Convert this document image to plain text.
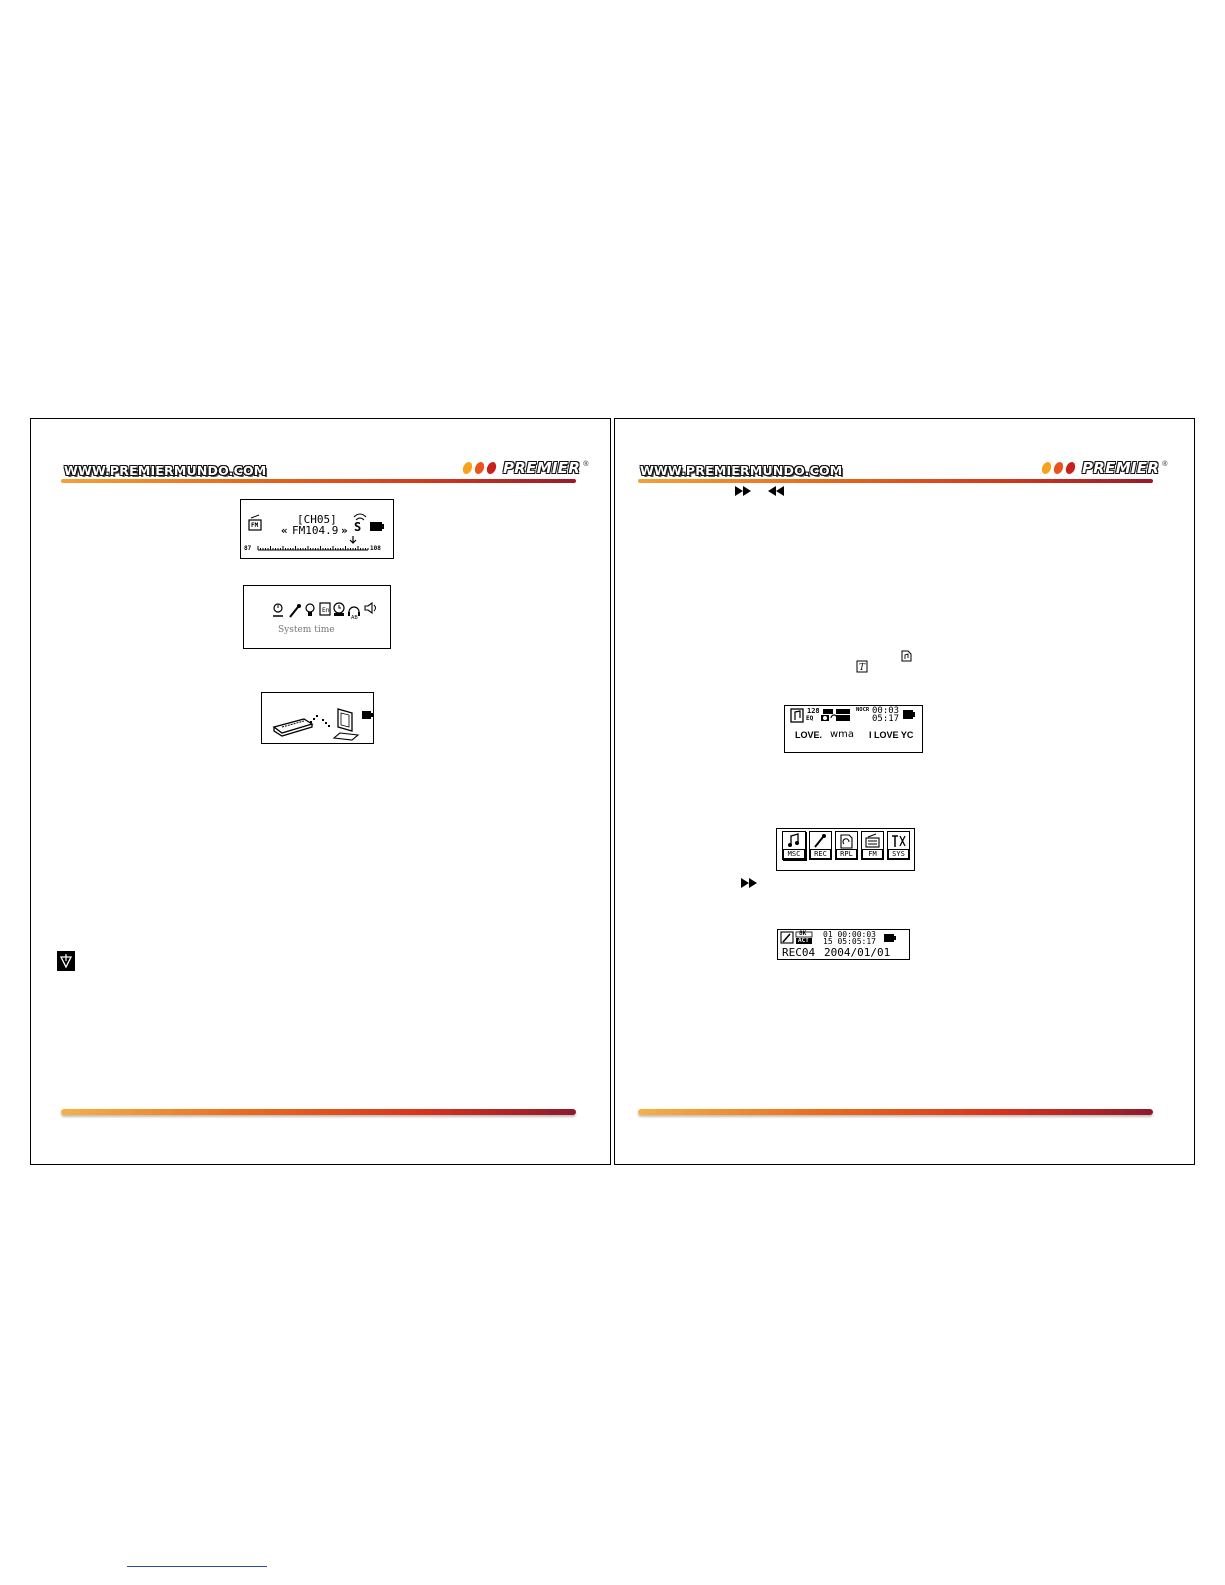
WWW.PREMIERMUNDO.COM	PREMIER ®
FM	[CH05]
« FM104.9 » S
87	108
En
AB
System time
WWW.PREMIERMUNDO.COM	PREMIER ®
T
128
EQ
NOCR 00:03
05:17
LOVE. wma I LOVE YC
MSC	REC	RPL	FM	SYS
8K
ACT
01 00:00:03
15 05:05:17
REC04 2004/01/01
